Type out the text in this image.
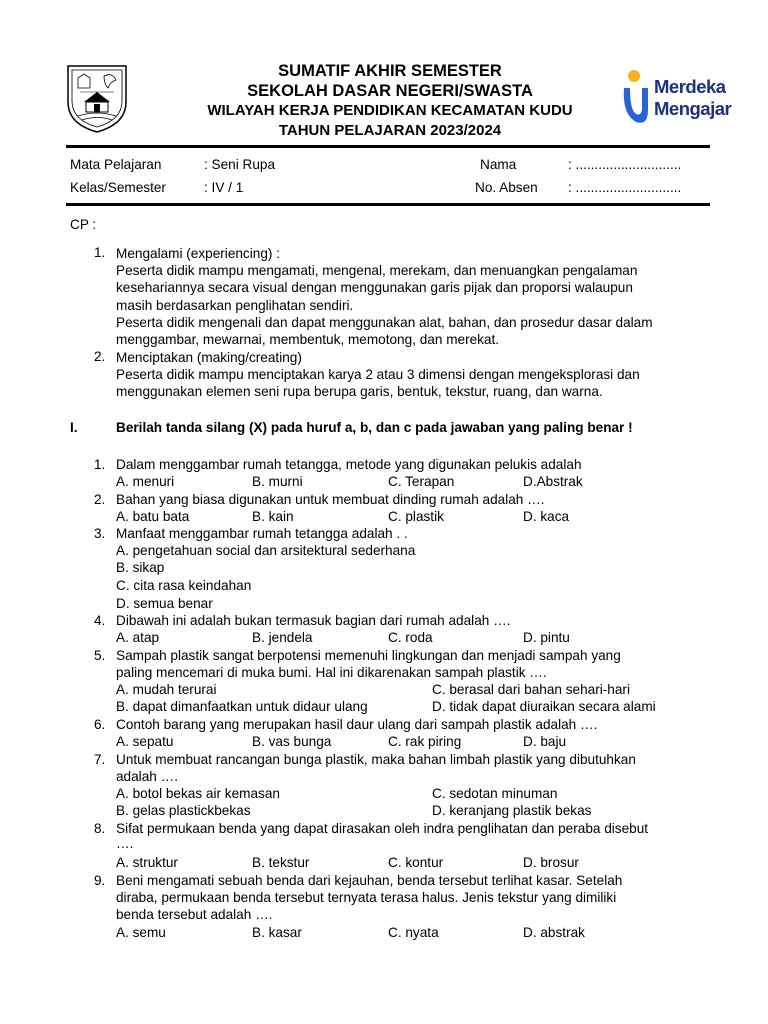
SUMATIF AKHIR SEMESTER
SEKOLAH DASAR NEGERI/SWASTA
WILAYAH KERJA PENDIDIKAN KECAMATAN KUDU
TAHUN PELAJARAN 2023/2024
Merdeka
Mengajar
Mata Pelajaran	: Seni Rupa	Nama	: ............................
Kelas/Semester	: IV / 1	No. Absen : ............................
CP :
1. Mengalami (experiencing) :
Peserta didik mampu mengamati, mengenal, merekam, dan menuangkan pengalaman
kesehariannya secara visual dengan menggunakan garis pijak dan proporsi walaupun
masih berdasarkan penglihatan sendiri.
Peserta didik mengenali dan dapat menggunakan alat, bahan, dan prosedur dasar dalam
menggambar, mewarnai, membentuk, memotong, dan merekat.
2. Menciptakan (making/creating)
Peserta didik mampu menciptakan karya 2 atau 3 dimensi dengan mengeksplorasi dan
menggunakan elemen seni rupa berupa garis, bentuk, tekstur, ruang, dan warna.
I.	Berilah tanda silang (X) pada huruf a, b, dan c pada jawaban yang paling benar !
1. Dalam menggambar rumah tetangga, metode yang digunakan pelukis adalah
A. menuri	B. murni	C. Terapan	D.Abstrak
2. Bahan yang biasa digunakan untuk membuat dinding rumah adalah ….
A. batu bata	B. kain	C. plastik	D. kaca
3. Manfaat menggambar rumah tetangga adalah . .
A. pengetahuan social dan arsitektural sederhana
B. sikap
C. cita rasa keindahan
D. semua benar
4. Dibawah ini adalah bukan termasuk bagian dari rumah adalah ….
A. atap	B. jendela	C. roda	D. pintu
5. Sampah plastik sangat berpotensi memenuhi lingkungan dan menjadi sampah yang
paling mencemari di muka bumi. Hal ini dikarenakan sampah plastik ….
A. mudah terurai	C. berasal dari bahan sehari-hari
B. dapat dimanfaatkan untuk didaur ulang	D. tidak dapat diuraikan secara alami
6. Contoh barang yang merupakan hasil daur ulang dari sampah plastik adalah ….
A. sepatu	B. vas bunga	C. rak piring	D. baju
7. Untuk membuat rancangan bunga plastik, maka bahan limbah plastik yang dibutuhkan
adalah ….
A. botol bekas air kemasan	C. sedotan minuman
B. gelas plastickbekas	D. keranjang plastik bekas
8. Sifat permukaan benda yang dapat dirasakan oleh indra penglihatan dan peraba disebut
….
A. struktur	B. tekstur	C. kontur	D. brosur
9. Beni mengamati sebuah benda dari kejauhan, benda tersebut terlihat kasar. Setelah
diraba, permukaan benda tersebut ternyata terasa halus. Jenis tekstur yang dimiliki
benda tersebut adalah ….
A. semu	B. kasar	C. nyata	D. abstrak
